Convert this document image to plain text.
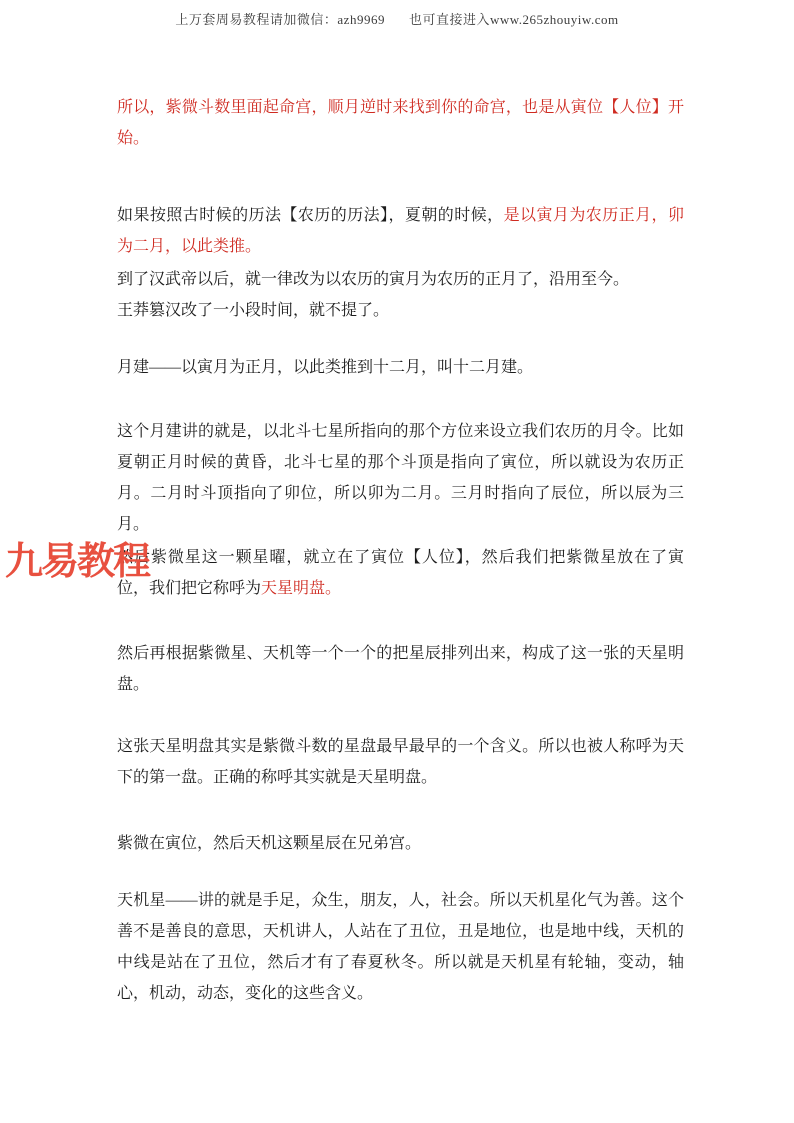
上万套周易教程请加微信：azh9969 也可直接进入www.265zhouyiw.com
九易教程

所以，紫微斗数里面起命宫，顺月逆时来找到你的命宫，也是从寅位【人位】开始。

如果按照古时候的历法【农历的历法】，夏朝的时候，是以寅月为农历正月，卯为二月，以此类推。

到了汉武帝以后，就一律改为以农历的寅月为农历的正月了，沿用至今。

王莽篡汉改了一小段时间，就不提了。

月建——以寅月为正月，以此类推到十二月，叫十二月建。

这个月建讲的就是，以北斗七星所指向的那个方位来设立我们农历的月令。比如夏朝正月时候的黄昏，北斗七星的那个斗顶是指向了寅位，所以就设为农历正月。二月时斗顶指向了卯位，所以卯为二月。三月时指向了辰位，所以辰为三月。

然后紫微星这一颗星曜，就立在了寅位【人位】，然后我们把紫微星放在了寅位，我们把它称呼为天星明盘。

然后再根据紫微星、天机等一个一个的把星辰排列出来，构成了这一张的天星明盘。

这张天星明盘其实是紫微斗数的星盘最早最早的一个含义。所以也被人称呼为天下的第一盘。正确的称呼其实就是天星明盘。

紫微在寅位，然后天机这颗星辰在兄弟宫。

天机星——讲的就是手足，众生，朋友，人，社会。所以天机星化气为善。这个善不是善良的意思，天机讲人，人站在了丑位，丑是地位，也是地中线，天机的中线是站在了丑位，然后才有了春夏秋冬。所以就是天机星有轮轴，变动，轴心，机动，动态，变化的这些含义。
